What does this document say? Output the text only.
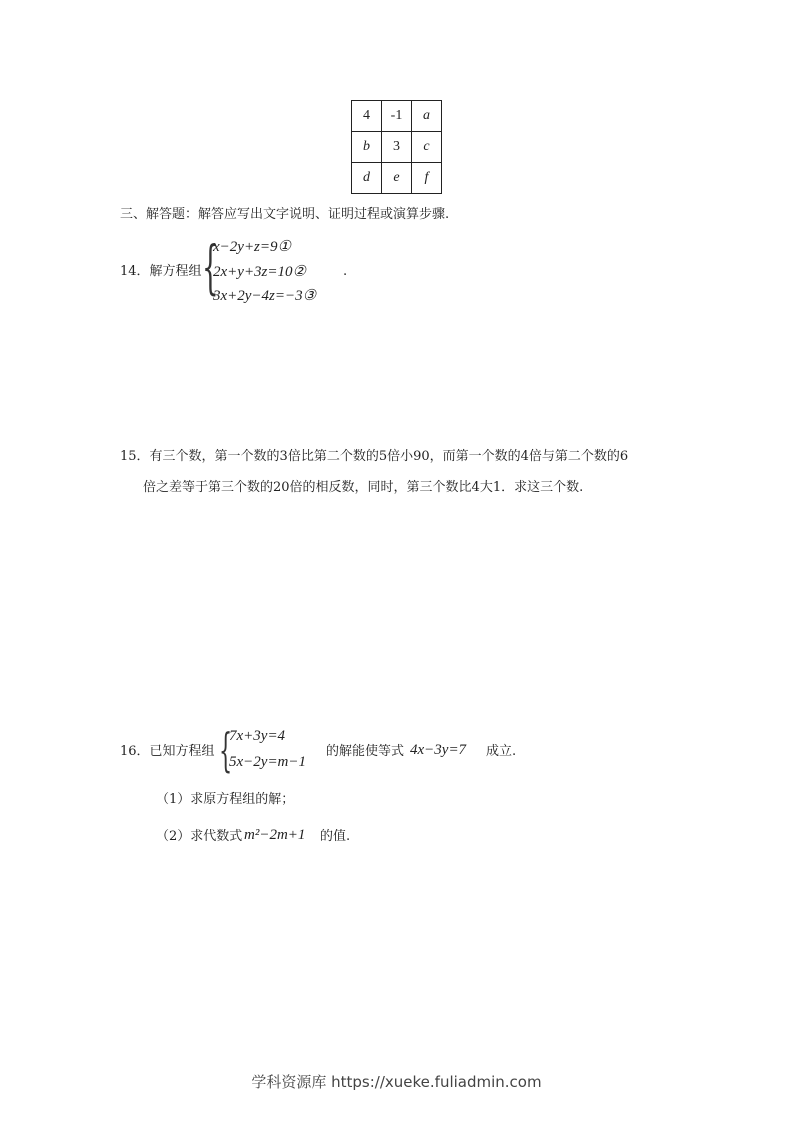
4	-1	a
b	3	c
d	e	f
三、解答题：解答应写出文字说明、证明过程或演算步骤.
14．解方程组 {
x−2y+z=9①
2x+y+3z=10②
3x+2y−4z=−3③
.
15．有三个数，第一个数的3倍比第二个数的5倍小90，而第一个数的4倍与第二个数的6
倍之差等于第三个数的20倍的相反数，同时，第三个数比4大1．求这三个数.
16．已知方程组 {
7x+3y=4
5x−2y=m−1
的解能使等式 4x−3y=7 成立.
（1）求原方程组的解；
（2）求代数式 m²−2m+1 的值.
学科资源库 https://xueke.fuliadmin.com
